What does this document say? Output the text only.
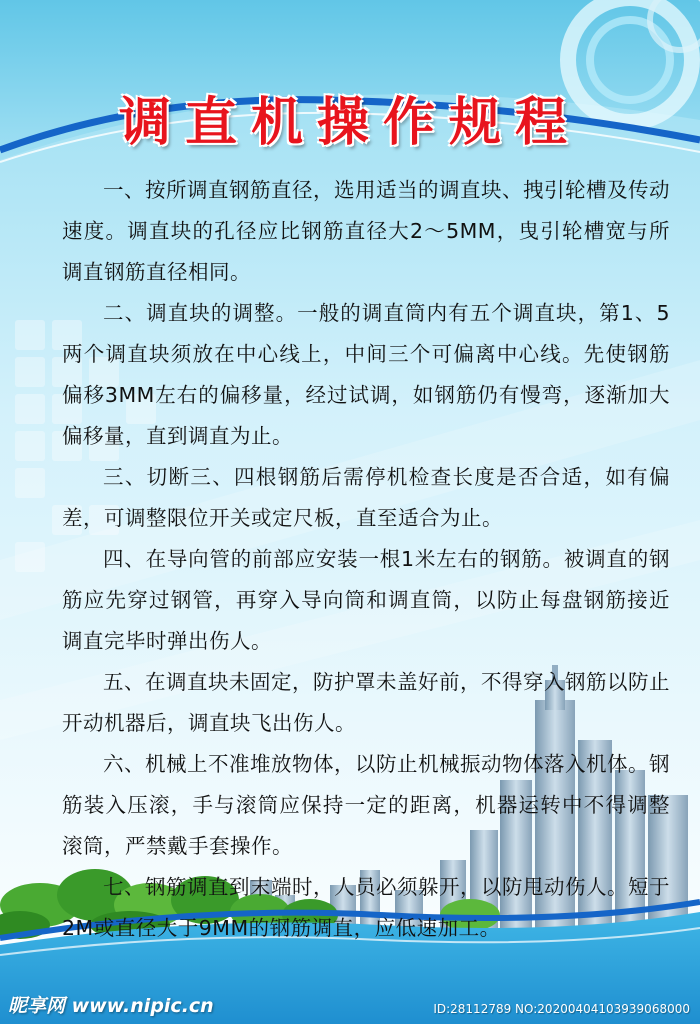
调直机操作规程

一、按所调直钢筋直径，选用适当的调直块、拽引轮槽及传动速度。调直块的孔径应比钢筋直径大2～5MM，曳引轮槽宽与所调直钢筋直径相同。

二、调直块的调整。一般的调直筒内有五个调直块，第1、5两个调直块须放在中心线上，中间三个可偏离中心线。先使钢筋偏移3MM左右的偏移量，经过试调，如钢筋仍有慢弯，逐渐加大偏移量，直到调直为止。

三、切断三、四根钢筋后需停机检查长度是否合适，如有偏差，可调整限位开关或定尺板，直至适合为止。

四、在导向管的前部应安装一根1米左右的钢筋。被调直的钢筋应先穿过钢管，再穿入导向筒和调直筒，以防止每盘钢筋接近调直完毕时弹出伤人。

五、在调直块未固定，防护罩未盖好前，不得穿入钢筋以防止开动机器后，调直块飞出伤人。

六、机械上不准堆放物体，以防止机械振动物体落入机体。钢筋装入压滚，手与滚筒应保持一定的距离，机器运转中不得调整滚筒，严禁戴手套操作。

七、钢筋调直到末端时，人员必须躲开，以防甩动伤人。短于2M或直径大于9MM的钢筋调直，应低速加工。

昵享网 www.nipic.cn	ID:28112789 NO:20200404103939068000
